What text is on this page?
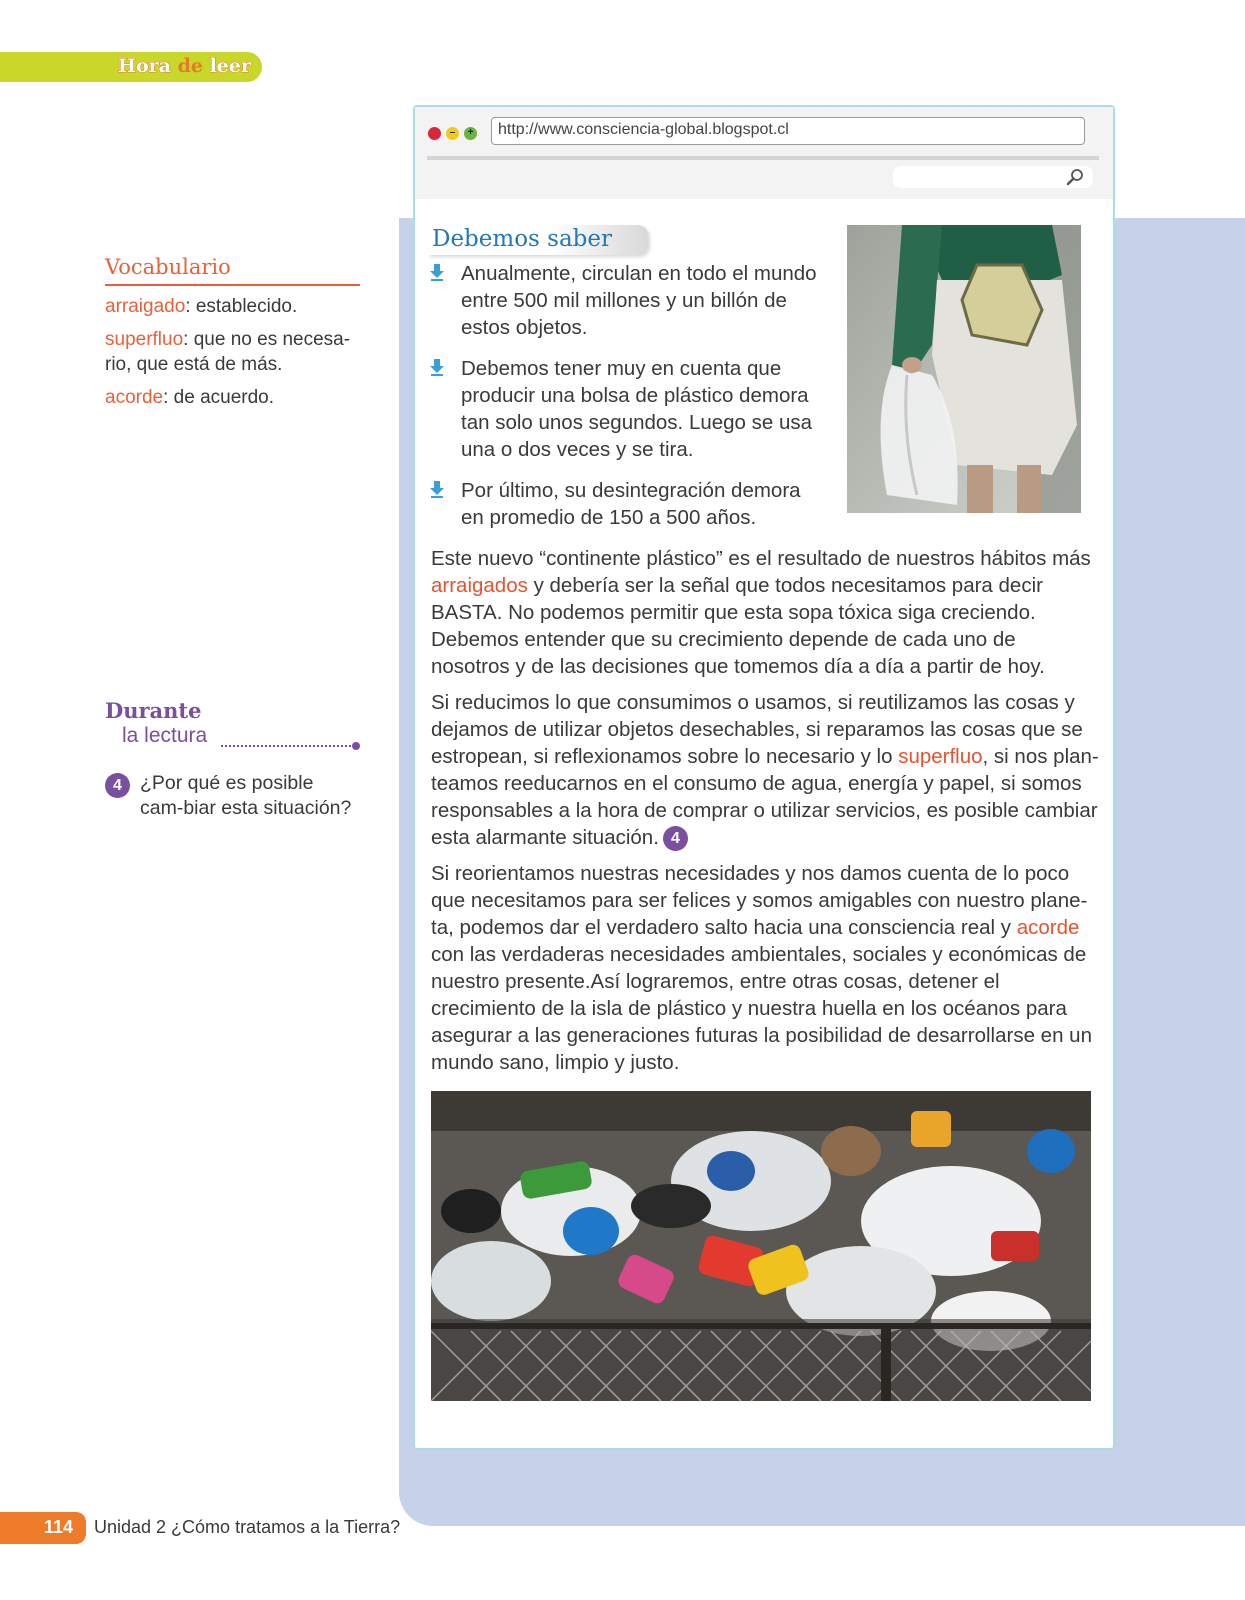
Hora de leer
–	+	http://www.consciencia-global.blogspot.cl
Debemos saber
Anualmente, circulan en todo el mundo entre 500 mil millones y un billón de estos objetos.
Debemos tener muy en cuenta que producir una bolsa de plástico demora tan solo unos segundos. Luego se usa una o dos veces y se tira.
Por último, su desintegración demora en promedio de 150 a 500 años.

Este nuevo “continente plástico” es el resultado de nuestros hábitos más arraigados y debería ser la señal que todos necesitamos para decir BASTA. No podemos permitir que esta sopa tóxica siga creciendo. Debemos entender que su crecimiento depende de cada uno de nosotros y de las decisiones que tomemos día a día a partir de hoy.

Si reducimos lo que consumimos o usamos, si reutilizamos las cosas y dejamos de utilizar objetos desechables, si reparamos las cosas que se estropean, si reflexionamos sobre lo necesario y lo superfluo, si nos plan-teamos reeducarnos en el consumo de agua, energía y papel, si somos responsables a la hora de comprar o utilizar servicios, es posible cambiar esta alarmante situación. 4

Si reorientamos nuestras necesidades y nos damos cuenta de lo poco que necesitamos para ser felices y somos amigables con nuestro plane-ta, podemos dar el verdadero salto hacia una consciencia real y acorde con las verdaderas necesidades ambientales, sociales y económicas de nuestro presente.Así lograremos, entre otras cosas, detener el crecimiento de la isla de plástico y nuestra huella en los océanos para asegurar a las generaciones futuras la posibilidad de desarrollarse en un mundo sano, limpio y justo.

Vocabulario

arraigado: establecido.

superfluo: que no es necesa-rio, que está de más.

acorde: de acuerdo.

Durante
la lectura
4 ¿Por qué es posible cam-biar esta situación?
114 Unidad 2 ¿Cómo tratamos a la Tierra?
